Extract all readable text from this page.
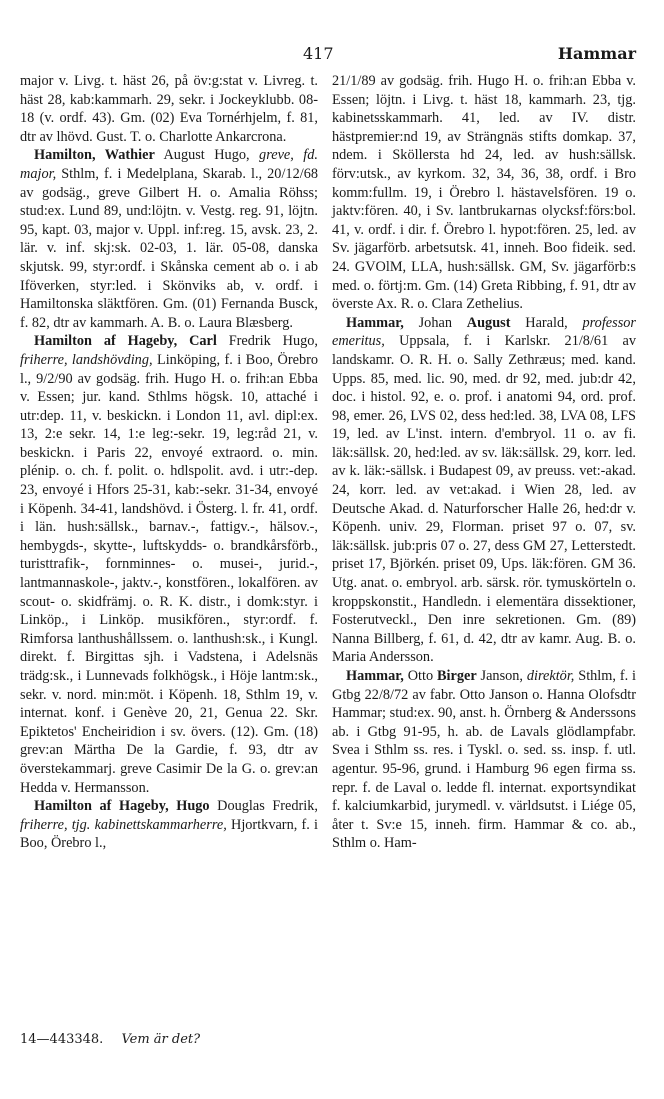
417	Hammar

major v. Livg. t. häst 26, på öv:g:stat v. Livreg. t. häst 28, kab:kammarh. 29, sekr. i Jockeyklubb. 08-18 (v. ordf. 43). Gm. (02) Eva Tornérhjelm, f. 81, dtr av lhövd. Gust. T. o. Charlotte Ankarcrona.

Hamilton, Wathier August Hugo, greve, fd. major, Sthlm, f. i Medelplana, Skarab. l., 20/12/68 av godsäg., greve Gilbert H. o. Amalia Röhss; stud:ex. Lund 89, und:löjtn. v. Vestg. reg. 91, löjtn. 95, kapt. 03, major v. Uppl. inf:reg. 15, avsk. 23, 2. lär. v. inf. skj:sk. 02-03, 1. lär. 05-08, danska skjutsk. 99, styr:ordf. i Skånska cement ab o. i ab Iföverken, styr:led. i Skönviks ab, v. ordf. i Hamiltonska släktfören. Gm. (01) Fernanda Busck, f. 82, dtr av kammarh. A. B. o. Laura Blæsberg.

Hamilton af Hageby, Carl Fredrik Hugo, friherre, landshövding, Linköping, f. i Boo, Örebro l., 9/2/90 av godsäg. frih. Hugo H. o. frih:an Ebba v. Essen; jur. kand. Sthlms högsk. 10, attaché i utr:dep. 11, v. beskickn. i London 11, avl. dipl:ex. 13, 2:e sekr. 14, 1:e leg:-sekr. 19, leg:råd 21, v. beskickn. i Paris 22, envoyé extraord. o. min. plénip. o. ch. f. polit. o. hdlspolit. avd. i utr:-dep. 23, envoyé i Hfors 25-31, kab:-sekr. 31-34, envoyé i Köpenh. 34-41, landshövd. i Österg. l. fr. 41, ordf. i län. hush:sällsk., barnav.-, fattigv.-, hälsov.-, hembygds-, skytte-, luftskydds- o. brandkårsförb., turisttrafik-, fornminnes- o. musei-, jurid.-, lantmannaskole-, jaktv.-, konstfören., lokalfören. av scout- o. skidfrämj. o. R. K. distr., i domk:styr. i Linköp., i Linköp. musikfören., styr:ordf. f. Rimforsa lanthushållssem. o. lanthush:sk., i Kungl. direkt. f. Birgittas sjh. i Vadstena, i Adelsnäs trädg:sk., i Lunnevads folkhögsk., i Höje lantm:sk., sekr. v. nord. min:möt. i Köpenh. 18, Sthlm 19, v. internat. konf. i Genève 20, 21, Genua 22. Skr. Epiktetos' Encheiridion i sv. övers. (12). Gm. (18) grev:an Märtha De la Gardie, f. 93, dtr av överstekammarj. greve Casimir De la G. o. grev:an Hedda v. Hermansson.

Hamilton af Hageby, Hugo Douglas Fredrik, friherre, tjg. kabinettskammarherre, Hjortkvarn, f. i Boo, Örebro l.,

21/1/89 av godsäg. frih. Hugo H. o. frih:an Ebba v. Essen; löjtn. i Livg. t. häst 18, kammarh. 23, tjg. kabinetsskammarh. 41, led. av IV. distr. hästpremier:nd 19, av Strängnäs stifts domkap. 37, ndem. i Sköllersta hd 24, led. av hush:sällsk. förv:utsk., av kyrkom. 32, 34, 36, 38, ordf. i Bro komm:fullm. 19, i Örebro l. hästavelsfören. 19 o. jaktv:fören. 40, i Sv. lantbrukarnas olycksf:förs:bol. 41, v. ordf. i dir. f. Örebro l. hypot:fören. 25, led. av Sv. jägarförb. arbetsutsk. 41, inneh. Boo fideik. sed. 24. GVOlM, LLA, hush:sällsk. GM, Sv. jägarförb:s med. o. förtj:m. Gm. (14) Greta Ribbing, f. 91, dtr av överste Ax. R. o. Clara Zethelius.

Hammar, Johan August Harald, professor emeritus, Uppsala, f. i Karlskr. 21/8/61 av landskamr. O. R. H. o. Sally Zethræus; med. kand. Upps. 85, med. lic. 90, med. dr 92, med. jub:dr 42, doc. i histol. 92, e. o. prof. i anatomi 94, ord. prof. 98, emer. 26, LVS 02, dess hed:led. 38, LVA 08, LFS 19, led. av L'inst. intern. d'embryol. 11 o. av fi. läk:sällsk. 20, hed:led. av sv. läk:sällsk. 29, korr. led. av k. läk:-sällsk. i Budapest 09, av preuss. vet:-akad. 24, korr. led. av vet:akad. i Wien 28, led. av Deutsche Akad. d. Naturforscher Halle 26, hed:dr v. Köpenh. univ. 29, Florman. priset 97 o. 07, sv. läk:sällsk. jub:pris 07 o. 27, dess GM 27, Letterstedt. priset 17, Björkén. priset 09, Ups. läk:fören. GM 36. Utg. anat. o. embryol. arb. särsk. rör. tymuskörteln o. kroppskonstit., Handledn. i elementära dissektioner, Fosterutveckl., Den inre sekretionen. Gm. (89) Nanna Billberg, f. 61, d. 42, dtr av kamr. Aug. B. o. Maria Andersson.

Hammar, Otto Birger Janson, direktör, Sthlm, f. i Gtbg 22/8/72 av fabr. Otto Janson o. Hanna Olofsdtr Hammar; stud:ex. 90, anst. h. Örnberg & Anderssons ab. i Gtbg 91-95, h. ab. de Lavals glödlampfabr. Svea i Sthlm ss. res. i Tyskl. o. sed. ss. insp. f. utl. agentur. 95-96, grund. i Hamburg 96 egen firma ss. repr. f. de Laval o. ledde fl. internat. exportsyndikat f. kalciumkarbid, jurymedl. v. världsutst. i Liége 05, åter t. Sv:e 15, inneh. firm. Hammar & co. ab., Sthlm o. Ham-

14—443348. Vem är det?
